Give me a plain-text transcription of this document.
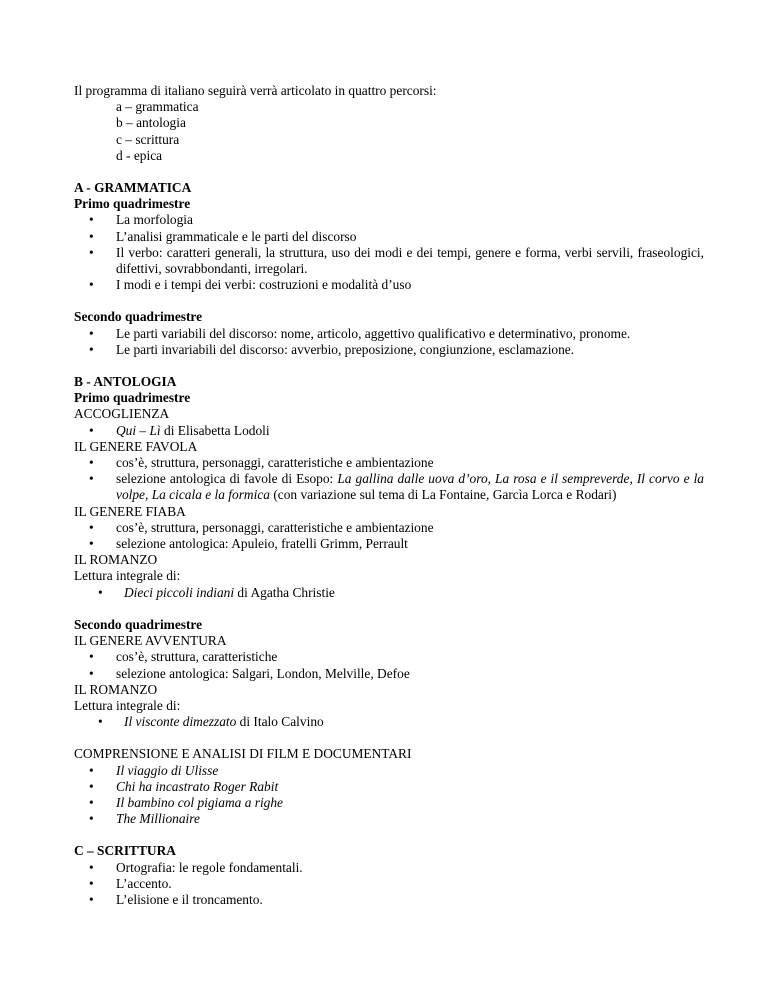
Il programma di italiano seguirà verrà articolato in quattro percorsi:

a – grammatica

b – antologia

c – scrittura

d - epica

A - GRAMMATICA

Primo quadrimestre

• La morfologia
• L’analisi grammaticale e le parti del discorso
• Il verbo: caratteri generali, la struttura, uso dei modi e dei tempi, genere e forma, verbi servili, fraseologici, difettivi, sovrabbondanti, irregolari.
• I modi e i tempi dei verbi: costruzioni e modalità d’uso

Secondo quadrimestre

• Le parti variabili del discorso: nome, articolo, aggettivo qualificativo e determinativo, pronome.
• Le parti invariabili del discorso: avverbio, preposizione, congiunzione, esclamazione.

B - ANTOLOGIA

Primo quadrimestre

ACCOGLIENZA

• Qui – Lì di Elisabetta Lodoli

IL GENERE FAVOLA

• cos’è, struttura, personaggi, caratteristiche e ambientazione
• selezione antologica di favole di Esopo: La gallina dalle uova d’oro, La rosa e il sempreverde, Il corvo e la volpe, La cicala e la formica (con variazione sul tema di La Fontaine, Garcìa Lorca e Rodari)

IL GENERE FIABA

• cos’è, struttura, personaggi, caratteristiche e ambientazione
• selezione antologica: Apuleio, fratelli Grimm, Perrault

IL ROMANZO

Lettura integrale di:

• Dieci piccoli indiani di Agatha Christie

Secondo quadrimestre

IL GENERE AVVENTURA

• cos’è, struttura, caratteristiche
• selezione antologica: Salgari, London, Melville, Defoe

IL ROMANZO

Lettura integrale di:

• Il visconte dimezzato di Italo Calvino

COMPRENSIONE E ANALISI DI FILM E DOCUMENTARI

• Il viaggio di Ulisse
• Chi ha incastrato Roger Rabit
• Il bambino col pigiama a righe
• The Millionaire

C – SCRITTURA

• Ortografia: le regole fondamentali.
• L’accento.
• L’elisione e il troncamento.
